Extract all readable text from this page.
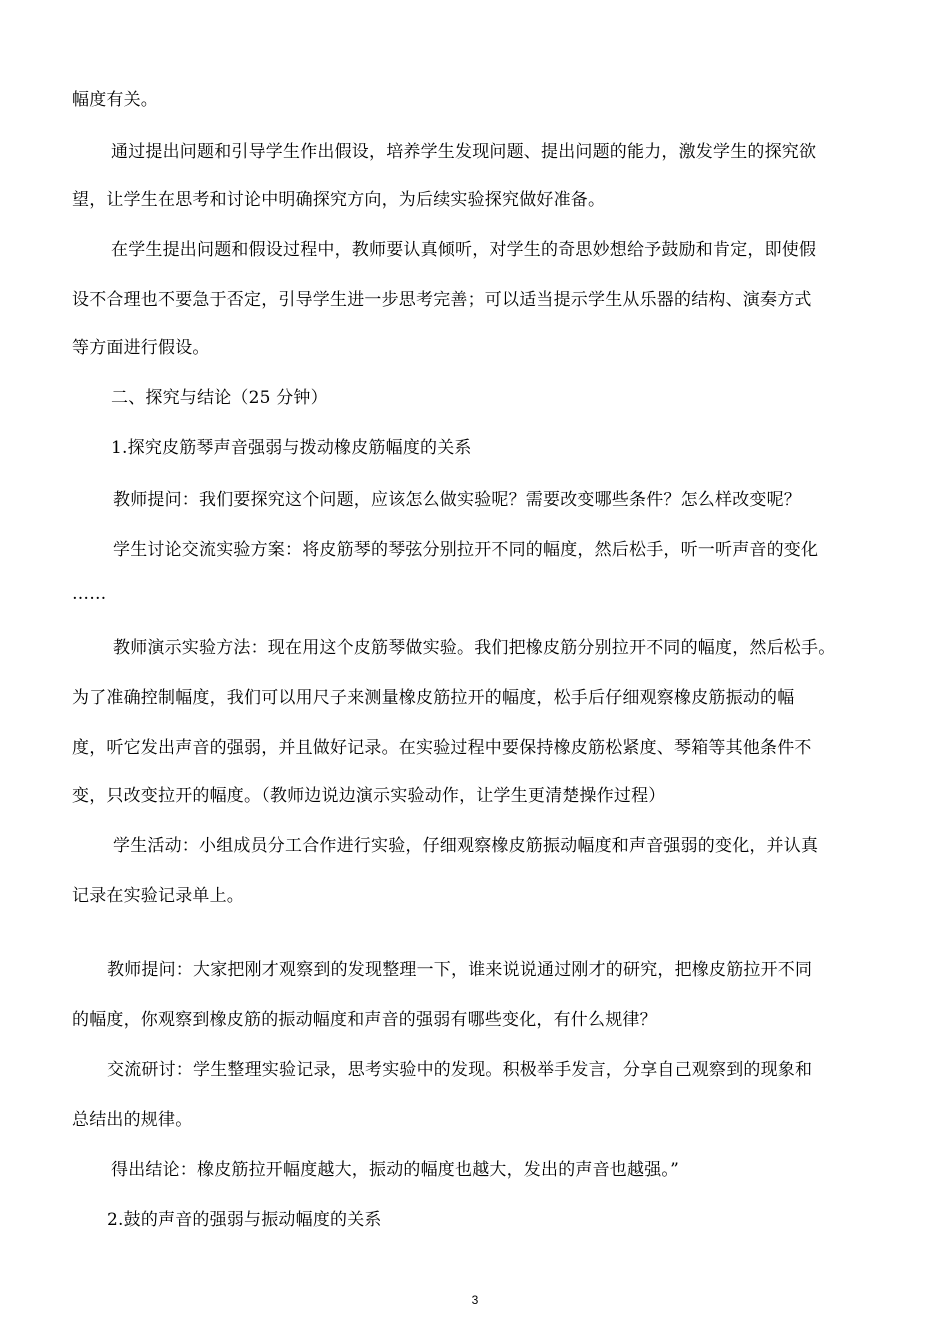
幅度有关。
通过提出问题和引导学生作出假设，培养学生发现问题、提出问题的能力，激发学生的探究欲
望，让学生在思考和讨论中明确探究方向，为后续实验探究做好准备。
在学生提出问题和假设过程中，教师要认真倾听，对学生的奇思妙想给予鼓励和肯定，即使假
设不合理也不要急于否定，引导学生进一步思考完善；可以适当提示学生从乐器的结构、演奏方式
等方面进行假设。
二、探究与结论（25 分钟）
1.探究皮筋琴声音强弱与拨动橡皮筋幅度的关系
教师提问：我们要探究这个问题，应该怎么做实验呢？需要改变哪些条件？怎么样改变呢？
学生讨论交流实验方案：将皮筋琴的琴弦分别拉开不同的幅度，然后松手，听一听声音的变化
……
教师演示实验方法：现在用这个皮筋琴做实验。我们把橡皮筋分别拉开不同的幅度，然后松手。
为了准确控制幅度，我们可以用尺子来测量橡皮筋拉开的幅度，松手后仔细观察橡皮筋振动的幅
度，听它发出声音的强弱，并且做好记录。在实验过程中要保持橡皮筋松紧度、琴箱等其他条件不
变，只改变拉开的幅度。（教师边说边演示实验动作，让学生更清楚操作过程）
学生活动：小组成员分工合作进行实验，仔细观察橡皮筋振动幅度和声音强弱的变化，并认真
记录在实验记录单上。
教师提问：大家把刚才观察到的发现整理一下，谁来说说通过刚才的研究，把橡皮筋拉开不同
的幅度，你观察到橡皮筋的振动幅度和声音的强弱有哪些变化，有什么规律？
交流研讨：学生整理实验记录，思考实验中的发现。积极举手发言，分享自己观察到的现象和
总结出的规律。
得出结论：橡皮筋拉开幅度越大，振动的幅度也越大，发出的声音也越强。”
2.鼓的声音的强弱与振动幅度的关系
3
